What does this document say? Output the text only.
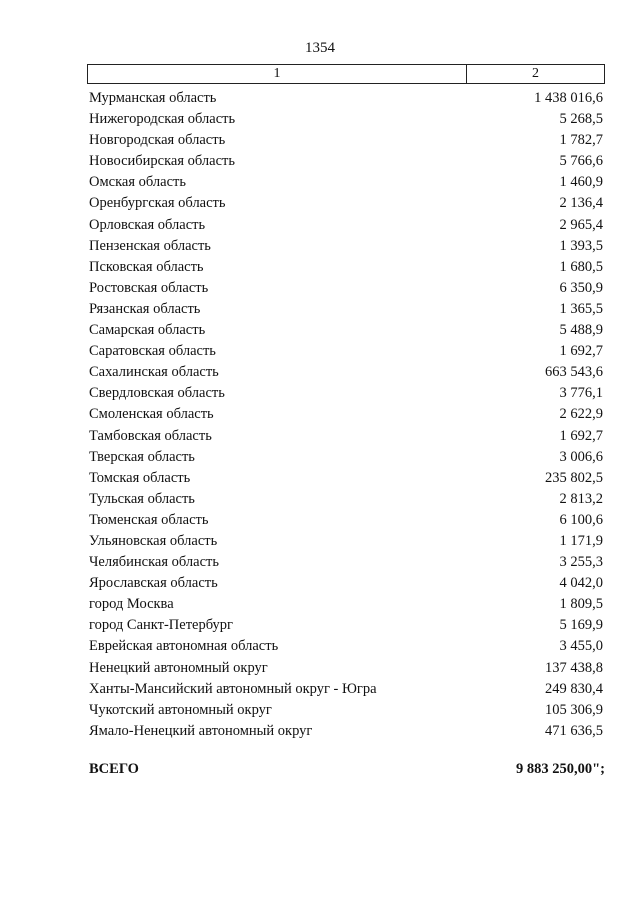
1354
1	2
Мурманская область	1 438 016,6
Нижегородская область	5 268,5
Новгородская область	1 782,7
Новосибирская область	5 766,6
Омская область	1 460,9
Оренбургская область	2 136,4
Орловская область	2 965,4
Пензенская область	1 393,5
Псковская область	1 680,5
Ростовская область	6 350,9
Рязанская область	1 365,5
Самарская область	5 488,9
Саратовская область	1 692,7
Сахалинская область	663 543,6
Свердловская область	3 776,1
Смоленская область	2 622,9
Тамбовская область	1 692,7
Тверская область	3 006,6
Томская область	235 802,5
Тульская область	2 813,2
Тюменская область	6 100,6
Ульяновская область	1 171,9
Челябинская область	3 255,3
Ярославская область	4 042,0
город Москва	1 809,5
город Санкт-Петербург	5 169,9
Еврейская автономная область	3 455,0
Ненецкий автономный округ	137 438,8
Ханты-Мансийский автономный округ - Югра	249 830,4
Чукотский автономный округ	105 306,9
Ямало-Ненецкий автономный округ	471 636,5
ВСЕГО	9 883 250,00";
